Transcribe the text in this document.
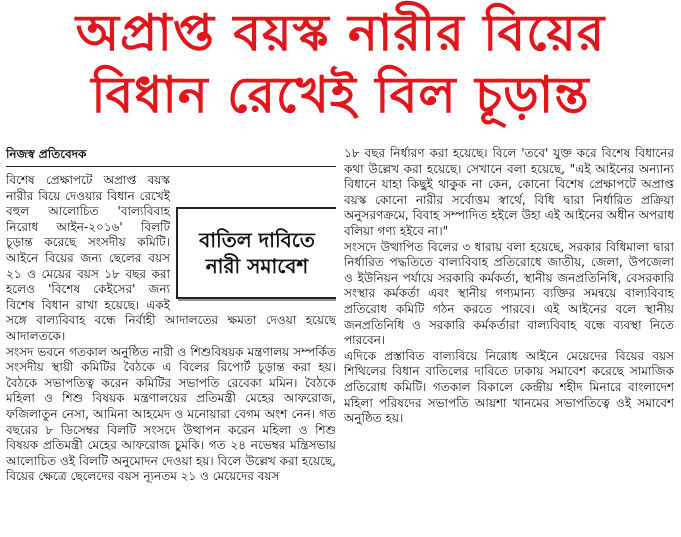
অপ্রাপ্ত বয়স্ক নারীর বিয়ের
বিধান রেখেই বিল চূড়ান্ত
নিজস্ব প্রতিবেদক
বাতিল দাবিতে
নারী সমাবেশ

বিশেষ প্রেক্ষাপটে অপ্রাপ্ত বয়স্ক নারীর বিয়ে দেওয়ার বিধান রেখেই বহুল আলোচিত 'বাল্যবিবাহ নিরোধ আইন-২০১৬' বিলটি চূড়ান্ত করেছে সংসদীয় কমিটি। আইনে বিয়ের জন্য ছেলের বয়স ২১ ও মেয়ের বয়স ১৮ বছর করা হলেও 'বিশেষ কেইসের' জন্য বিশেষ বিধান রাখা হয়েছে। একই সঙ্গে বাল্যবিবাহ বন্ধে নির্বাহী আদালতের ক্ষমতা দেওয়া হয়েছে আদালতকে।

সংসদ ভবনে গতকাল অনুষ্ঠিত নারী ও শিশুবিষয়ক মন্ত্রণালয় সম্পর্কিত সংসদীয় স্থায়ী কমিটির বৈঠকে এ বিলের রিপোর্ট চূড়ান্ত করা হয়। বৈঠকে সভাপতিত্ব করেন কমিটির সভাপতি রেবেকা মমিন। বৈঠকে মহিলা ও শিশু বিষয়ক মন্ত্রণালয়ের প্রতিমন্ত্রী মেহের আফরোজ, ফজিলাতুন নেসা, আমিনা আহমেদ ও মনোয়ারা বেগম অংশ নেন। গত বছরের ৮ ডিসেম্বর বিলটি সংসদে উত্থাপন করেন মহিলা ও শিশু বিষয়ক প্রতিমন্ত্রী মেহের আফরোজ চুমকি। গত ২৪ নভেম্বর মন্ত্রিসভায় আলোচিত ওই বিলটি অনুমোদন দেওয়া হয়। বিলে উল্লেখ করা হয়েছে, বিয়ের ক্ষেত্রে ছেলেদের বয়স ন্যূনতম ২১ ও মেয়েদের বয়স

১৮ বছর নির্ধারণ করা হয়েছে। বিলে 'তবে' যুক্ত করে বিশেষ বিধানের কথা উল্লেখ করা হয়েছে। সেখানে বলা হয়েছে, "এই আইনের অন্যান্য বিধানে যাহা কিছুই থাকুক না কেন, কোনো বিশেষ প্রেক্ষাপটে অপ্রাপ্ত বয়স্ক কোনো নারীর সর্বোত্তম স্বার্থে, বিধি দ্বারা নির্ধারিত প্রক্রিয়া অনুসরণক্রমে, বিবাহ সম্পাদিত হইলে উহা এই আইনের অধীন অপরাধ বলিয়া গণ্য হইবে না।"

সংসদে উত্থাপিত বিলের ৩ ধারায় বলা হয়েছে, সরকার বিধিমালা দ্বারা নির্ধারিত পদ্ধতিতে বাল্যবিবাহ প্রতিরোধে জাতীয়, জেলা, উপজেলা ও ইউনিয়ন পর্যায়ে সরকারি কর্মকর্তা, স্থানীয় জনপ্রতিনিধি, বেসরকারি সংস্থার কর্মকর্তা এবং স্থানীয় গণ্যমান্য ব্যক্তির সমন্বয়ে বাল্যবিবাহ প্রতিরোধ কমিটি গঠন করতে পারবে। এই আইনের বলে স্থানীয় জনপ্রতিনিধি ও সরকারি কর্মকর্তারা বাল্যবিবাহ বন্ধে ব্যবস্থা নিতে পারবেন।

এদিকে প্রস্তাবিত বাল্যবিয়ে নিরোধ আইনে মেয়েদের বিয়ের বয়স শিথিলের বিধান বাতিলের দাবিতে ঢাকায় সমাবেশ করেছে সামাজিক প্রতিরোধ কমিটি। গতকাল বিকালে কেন্দ্রীয় শহীদ মিনারে বাংলাদেশ মহিলা পরিষদের সভাপতি আয়শা খানমের সভাপতিত্বে ওই সমাবেশ অনুষ্ঠিত হয়।
